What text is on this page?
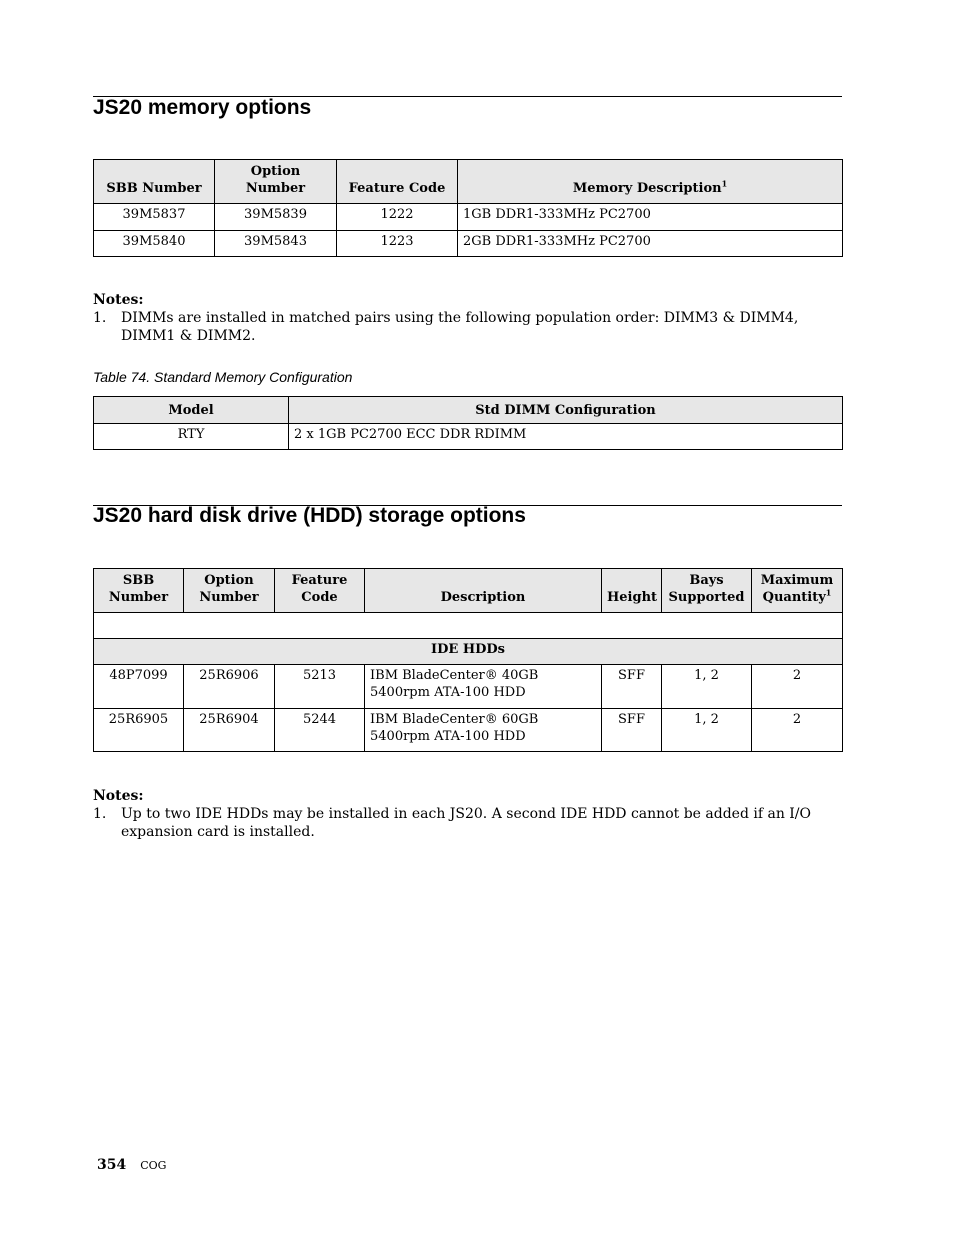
JS20 memory options
SBB Number	Option Number	Feature Code	Memory Description$^1$
39M5837	39M5839	1222	1GB DDR1-333MHz PC2700
39M5840	39M5843	1223	2GB DDR1-333MHz PC2700
Notes:
1.	DIMMs are installed in matched pairs using the following population order: DIMM3 & DIMM4, DIMM1 & DIMM2.
Table 74. Standard Memory Configuration
Model	Std DIMM Configuration
RTY	2 x 1GB PC2700 ECC DDR RDIMM
JS20 hard disk drive (HDD) storage options
SBB Number	Option Number	Feature Code	Description	Height	Bays Supported	Maximum Quantity$^1$

IDE HDDs						
48P7099	25R6906	5213	IBM BladeCenter® 40GB 5400rpm ATA-100 HDD	SFF	1, 2	2
25R6905	25R6904	5244	IBM BladeCenter® 60GB 5400rpm ATA-100 HDD	SFF	1, 2	2
Notes:
1.	Up to two IDE HDDs may be installed in each JS20. A second IDE HDD cannot be added if an I/O expansion card is installed.
354 COG
